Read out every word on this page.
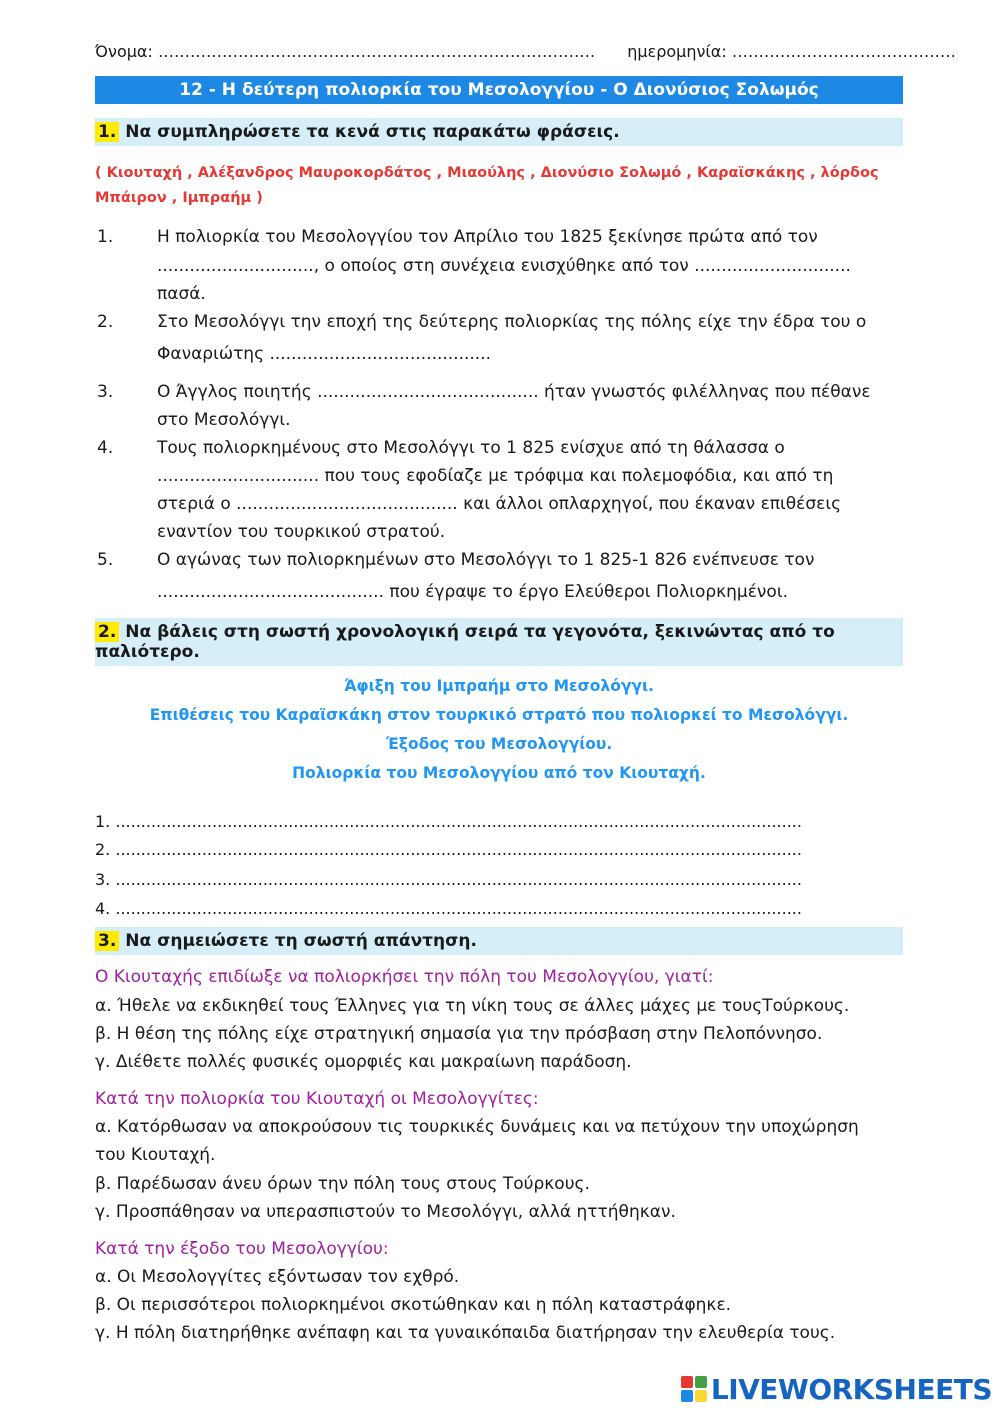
Όνομα: ………………………………………………………………………. ημερομηνία: ……………………………………
12 - Η δεύτερη πολιορκία του Μεσολογγίου - Ο Διονύσιος Σολωμός
1. Να συμπληρώσετε τα κενά στις παρακάτω φράσεις.
( Κιουταχή , Αλέξανδρος Μαυροκορδάτος , Μιαούλης , Διονύσιο Σολωμό , Καραϊσκάκης , λόρδος
Μπάιρον , Ιμπραήμ )
1.	Η πολιορκία του Μεσολογγίου τον Απρίλιο του 1825 ξεκίνησε πρώτα από τον
............................., ο οποίος στη συνέχεια ενισχύθηκε από τον .............................
πασά.
2.	Στο Μεσολόγγι την εποχή της δεύτερης πολιορκίας της πόλης είχε την έδρα του ο
Φαναριώτης .........................................
3.	Ο Άγγλος ποιητής ......................................... ήταν γνωστός φιλέλληνας που πέθανε
στο Μεσολόγγι.
4.	Τους πολιορκημένους στο Μεσολόγγι το 1 825 ενίσχυε από τη θάλασσα ο
.............................. που τους εφοδίαζε με τρόφιμα και πολεμοφόδια, και από τη
στεριά ο ......................................... και άλλοι οπλαρχηγοί, που έκαναν επιθέσεις
εναντίον του τουρκικού στρατού.
5.	Ο αγώνας των πολιορκημένων στο Μεσολόγγι το 1 825-1 826 ενέπνευσε τον
.......................................... που έγραψε το έργο Ελεύθεροι Πολιορκημένοι.
2. Να βάλεις στη σωστή χρονολογική σειρά τα γεγονότα, ξεκινώντας από το
παλιότερο.
Άφιξη του Ιμπραήμ στο Μεσολόγγι.
Επιθέσεις του Καραϊσκάκη στον τουρκικό στρατό που πολιορκεί το Μεσολόγγι.
Έξοδος του Μεσολογγίου.
Πολιορκία του Μεσολογγίου από τον Κιουταχή.
1. .......................................................................................................................................
2. .......................................................................................................................................
3. .......................................................................................................................................
4. .......................................................................................................................................
3. Να σημειώσετε τη σωστή απάντηση.
Ο Κιουταχής επιδίωξε να πολιορκήσει την πόλη του Μεσολογγίου, γιατί:
α. Ήθελε να εκδικηθεί τους Έλληνες για τη νίκη τους σε άλλες μάχες με τουςΤούρκους.
β. Η θέση της πόλης είχε στρατηγική σημασία για την πρόσβαση στην Πελοπόννησο.
γ. Διέθετε πολλές φυσικές ομορφιές και μακραίωνη παράδοση.
Κατά την πολιορκία του Κιουταχή οι Μεσολογγίτες:
α. Κατόρθωσαν να αποκρούσουν τις τουρκικές δυνάμεις και να πετύχουν την υποχώρηση
του Κιουταχή.
β. Παρέδωσαν άνευ όρων την πόλη τους στους Τούρκους.
γ. Προσπάθησαν να υπερασπιστούν το Μεσολόγγι, αλλά ηττήθηκαν.
Κατά την έξοδο του Μεσολογγίου:
α. Οι Μεσολογγίτες εξόντωσαν τον εχθρό.
β. Οι περισσότεροι πολιορκημένοι σκοτώθηκαν και η πόλη καταστράφηκε.
γ. Η πόλη διατηρήθηκε ανέπαφη και τα γυναικόπαιδα διατήρησαν την ελευθερία τους.
LIVEWORKSHEETS
